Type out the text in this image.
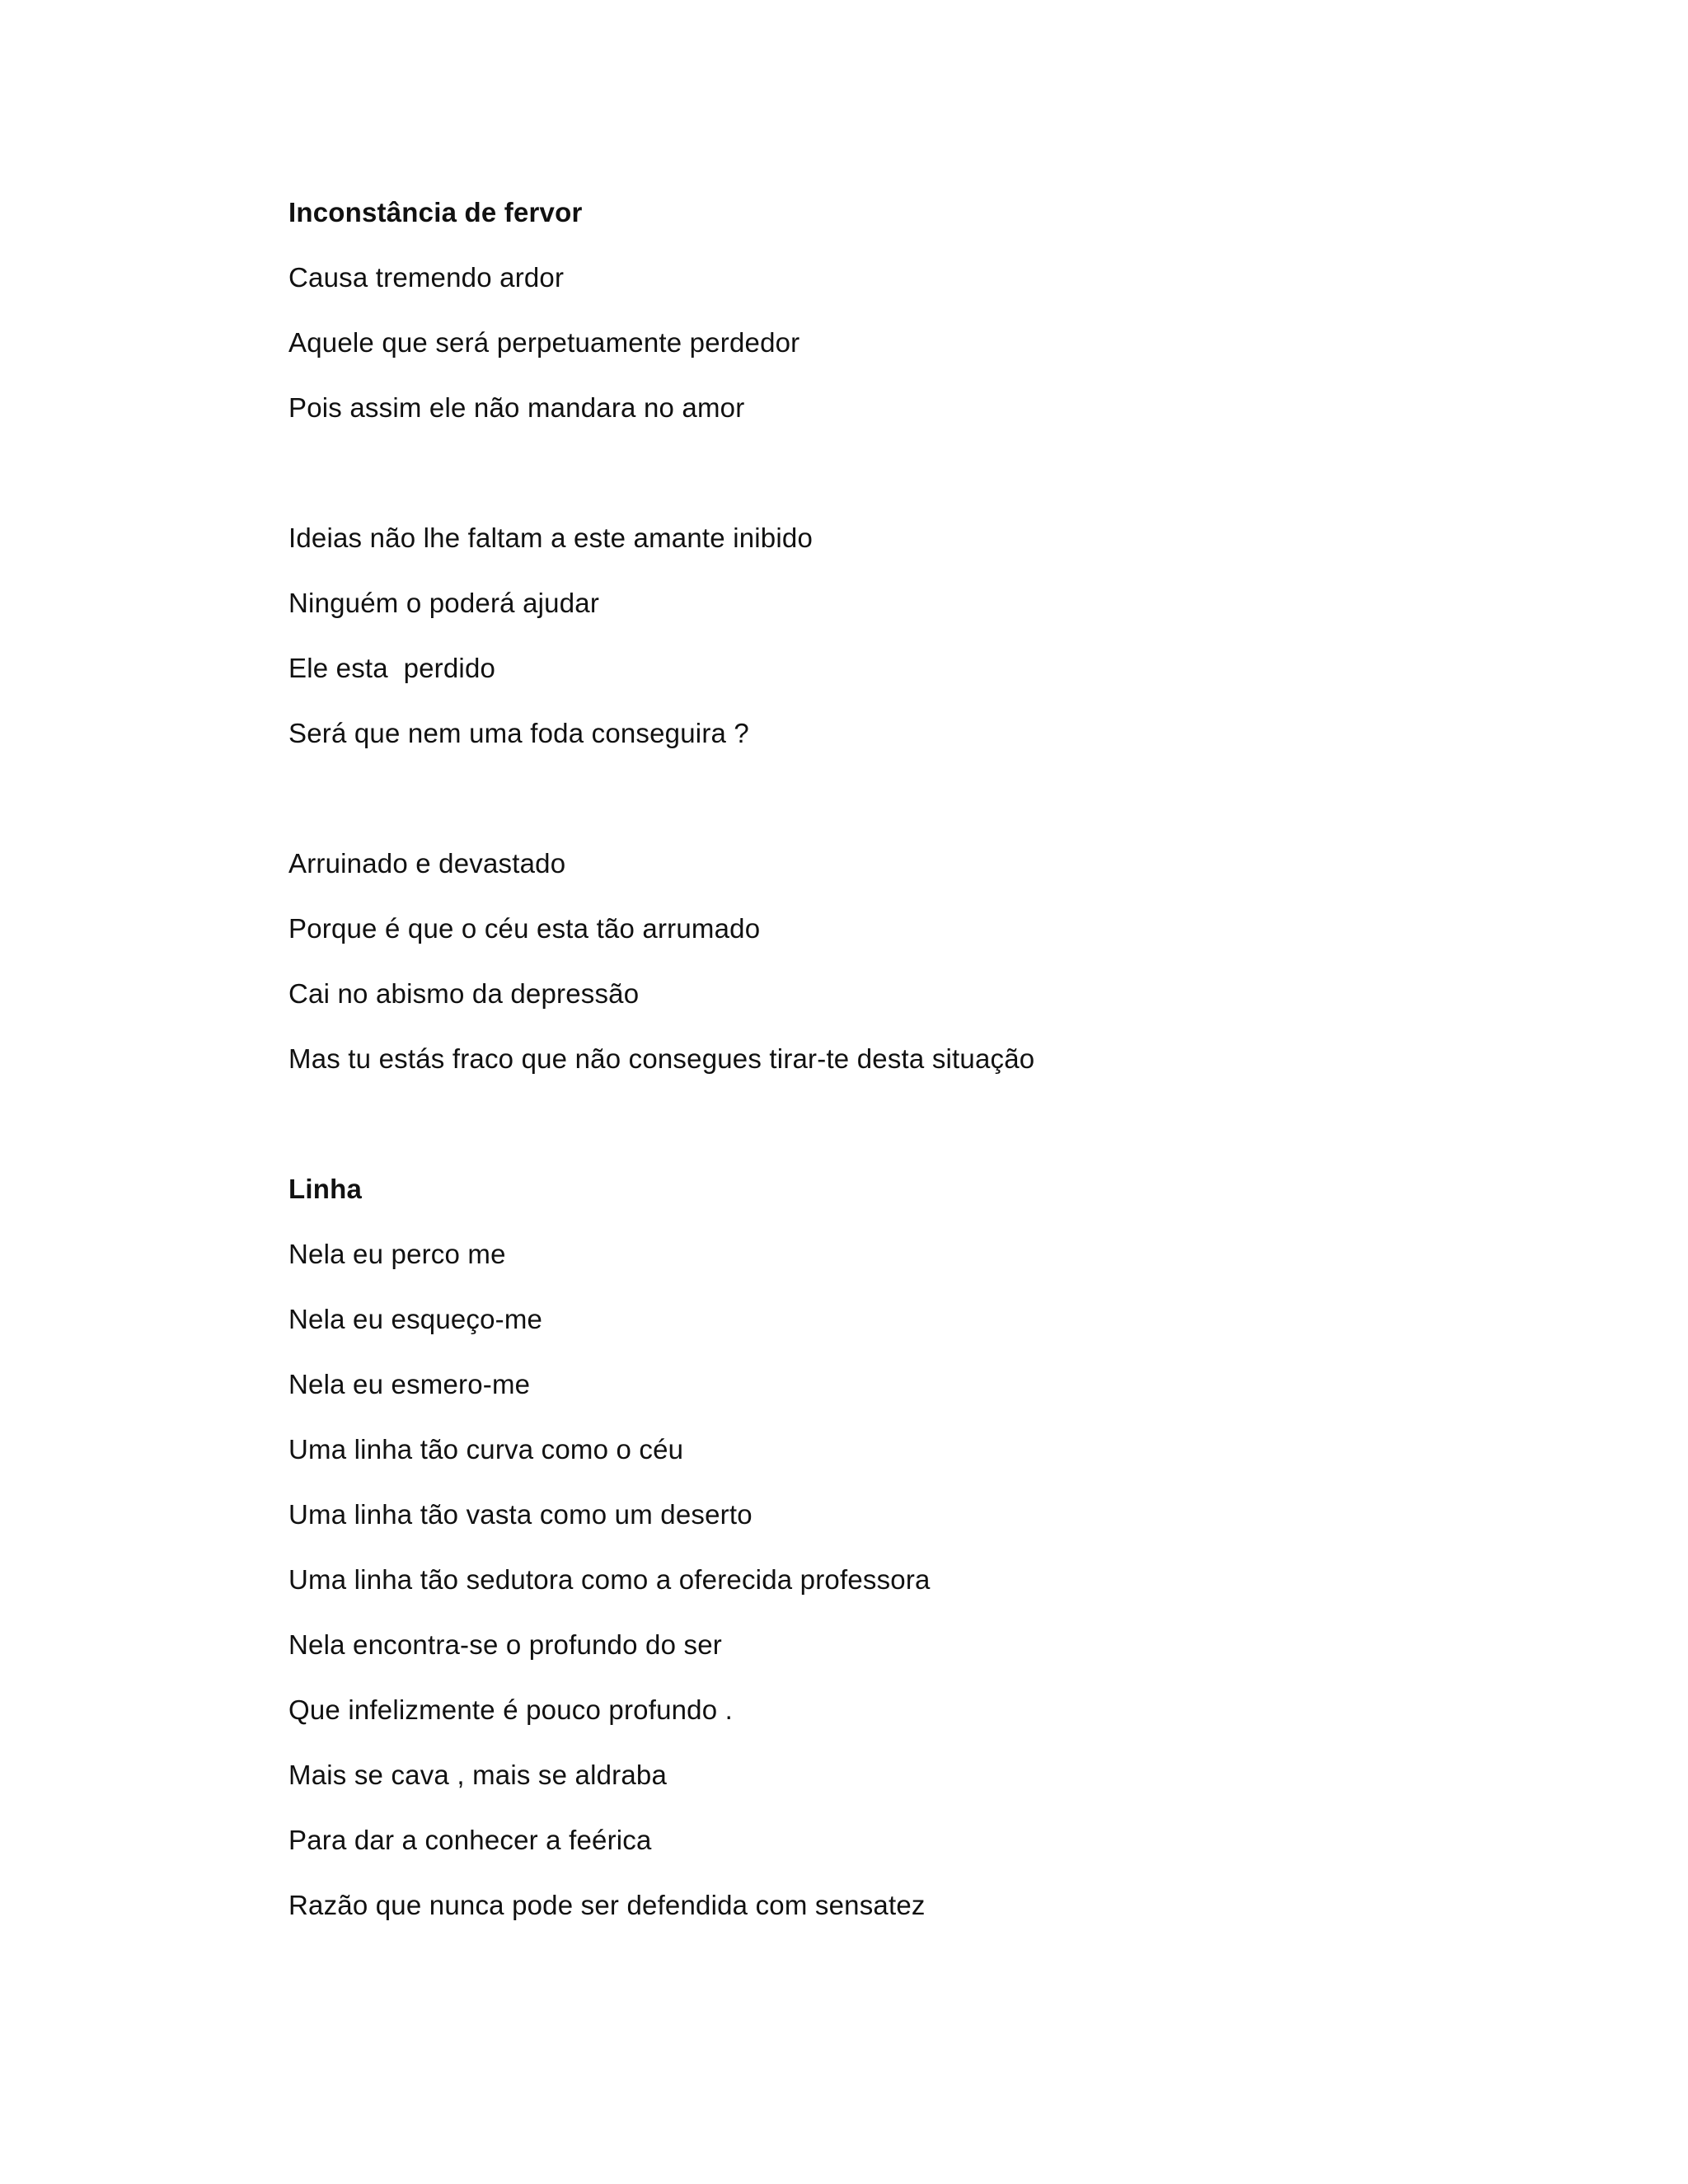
Inconstância de fervor
Causa tremendo ardor
Aquele que será perpetuamente perdedor
Pois assim ele não mandara no amor
Ideias não lhe faltam a este amante inibido
Ninguém o poderá ajudar
Ele esta  perdido
Será que nem uma foda conseguira ?
Arruinado e devastado
Porque é que o céu esta tão arrumado
Cai no abismo da depressão
Mas tu estás fraco que não consegues tirar-te desta situação
Linha
Nela eu perco me
Nela eu esqueço-me
Nela eu esmero-me
Uma linha tão curva como o céu
Uma linha tão vasta como um deserto
Uma linha tão sedutora como a oferecida professora
Nela encontra-se o profundo do ser
Que infelizmente é pouco profundo .
Mais se cava , mais se aldraba
Para dar a conhecer a feérica
Razão que nunca pode ser defendida com sensatez
